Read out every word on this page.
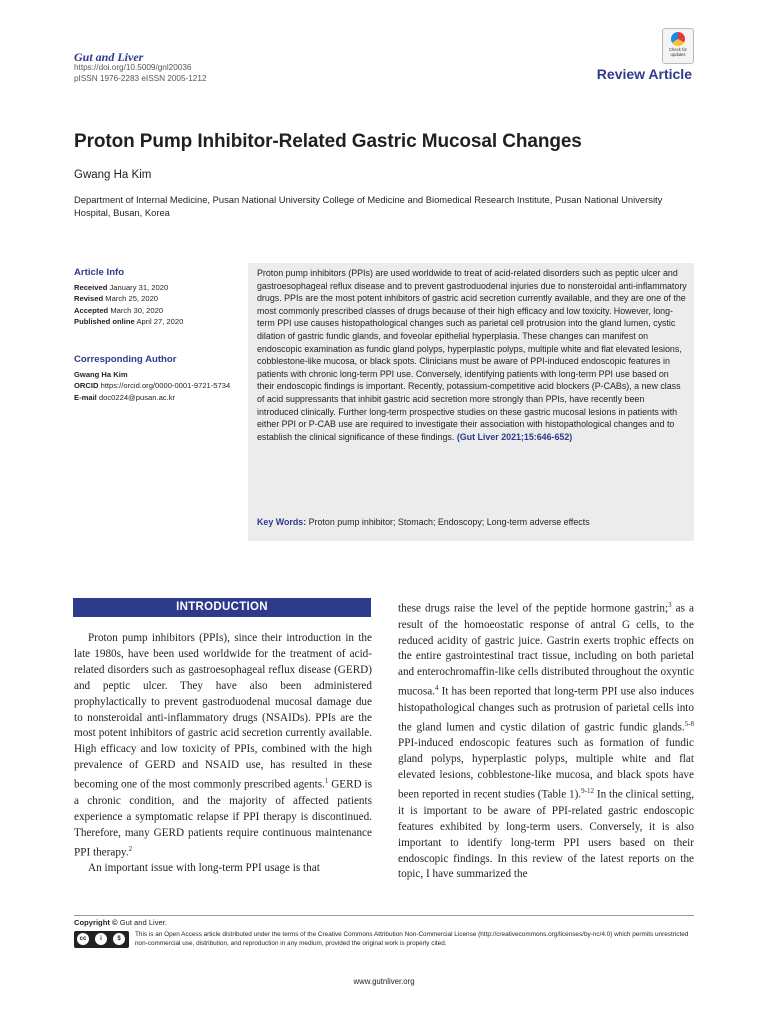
Gut and Liver
https://doi.org/10.5009/gnl20036
pISSN 1976-2283 eISSN 2005-1212
Check for updates
Review Article
Proton Pump Inhibitor-Related Gastric Mucosal Changes
Gwang Ha Kim
Department of Internal Medicine, Pusan National University College of Medicine and Biomedical Research Institute, Pusan National University Hospital, Busan, Korea
Article Info
Received January 31, 2020
Revised March 25, 2020
Accepted March 30, 2020
Published online April 27, 2020
Corresponding Author
Gwang Ha Kim
ORCID https://orcid.org/0000-0001-9721-5734
E-mail doc0224@pusan.ac.kr
Proton pump inhibitors (PPIs) are used worldwide to treat of acid-related disorders such as peptic ulcer and gastroesophageal reflux disease and to prevent gastroduodenal injuries due to nonsteroidal anti-inflammatory drugs. PPIs are the most potent inhibitors of gastric acid secretion currently available, and they are one of the most commonly prescribed classes of drugs because of their high efficacy and low toxicity. However, long-term PPI use causes histopathological changes such as parietal cell protrusion into the gland lumen, cystic dilation of gastric fundic glands, and foveolar epithelial hyperplasia. These changes can manifest on endoscopic examination as fundic gland polyps, hyperplastic polyps, multiple white and flat elevated lesions, cobblestone-like mucosa, or black spots. Clinicians must be aware of PPI-induced endoscopic features in patients with chronic long-term PPI use. Conversely, identifying patients with long-term PPI use based on their endoscopic findings is important. Recently, potassium-competitive acid blockers (P-CABs), a new class of acid suppressants that inhibit gastric acid secretion more strongly than PPIs, have recently been introduced clinically. Further long-term prospective studies on these gastric mucosal lesions in patients with either PPI or P-CAB use are required to investigate their association with histopathological changes and to establish the clinical significance of these findings. (Gut Liver 2021;15:646-652)
Key Words: Proton pump inhibitor; Stomach; Endoscopy; Long-term adverse effects
INTRODUCTION

Proton pump inhibitors (PPIs), since their introduction in the late 1980s, have been used worldwide for the treatment of acid-related disorders such as gastroesophageal reflux disease (GERD) and peptic ulcer. They have also been administered prophylactically to prevent gastroduodenal mucosal damage due to nonsteroidal anti-inflammatory drugs (NSAIDs). PPIs are the most potent inhibitors of gastric acid secretion currently available. High efficacy and low toxicity of PPIs, combined with the high prevalence of GERD and NSAID use, has resulted in these becoming one of the most commonly prescribed agents.$^1$ GERD is a chronic condition, and the majority of affected patients experience a symptomatic relapse if PPI therapy is discontinued. Therefore, many GERD patients require continuous maintenance PPI therapy.$^2$

An important issue with long-term PPI usage is that

these drugs raise the level of the peptide hormone gastrin;$^3$ as a result of the homoeostatic response of antral G cells, to the reduced acidity of gastric juice. Gastrin exerts trophic effects on the entire gastrointestinal tract tissue, including on both parietal and enterochromaffin-like cells distributed throughout the oxyntic mucosa.$^4$ It has been reported that long-term PPI use also induces histopathological changes such as protrusion of parietal cells into the gland lumen and cystic dilation of gastric fundic glands.$^{5-8}$ PPI-induced endoscopic features such as formation of fundic gland polyps, hyperplastic polyps, multiple white and flat elevated lesions, cobblestone-like mucosa, and black spots have been reported in recent studies (Table 1).$^{9-12}$ In the clinical setting, it is important to be aware of PPI-related gastric endoscopic features exhibited by long-term users. Conversely, it is also important to identify long-term PPI users based on their endoscopic findings. In this review of the latest reports on the topic, I have summarized the

Copyright © Gut and Liver.
cc	i	$
This is an Open Access article distributed under the terms of the Creative Commons Attribution Non-Commercial License (http://creativecommons.org/licenses/by-nc/4.0) which permits unrestricted non-commercial use, distribution, and reproduction in any medium, provided the original work is properly cited.
www.gutnliver.org
